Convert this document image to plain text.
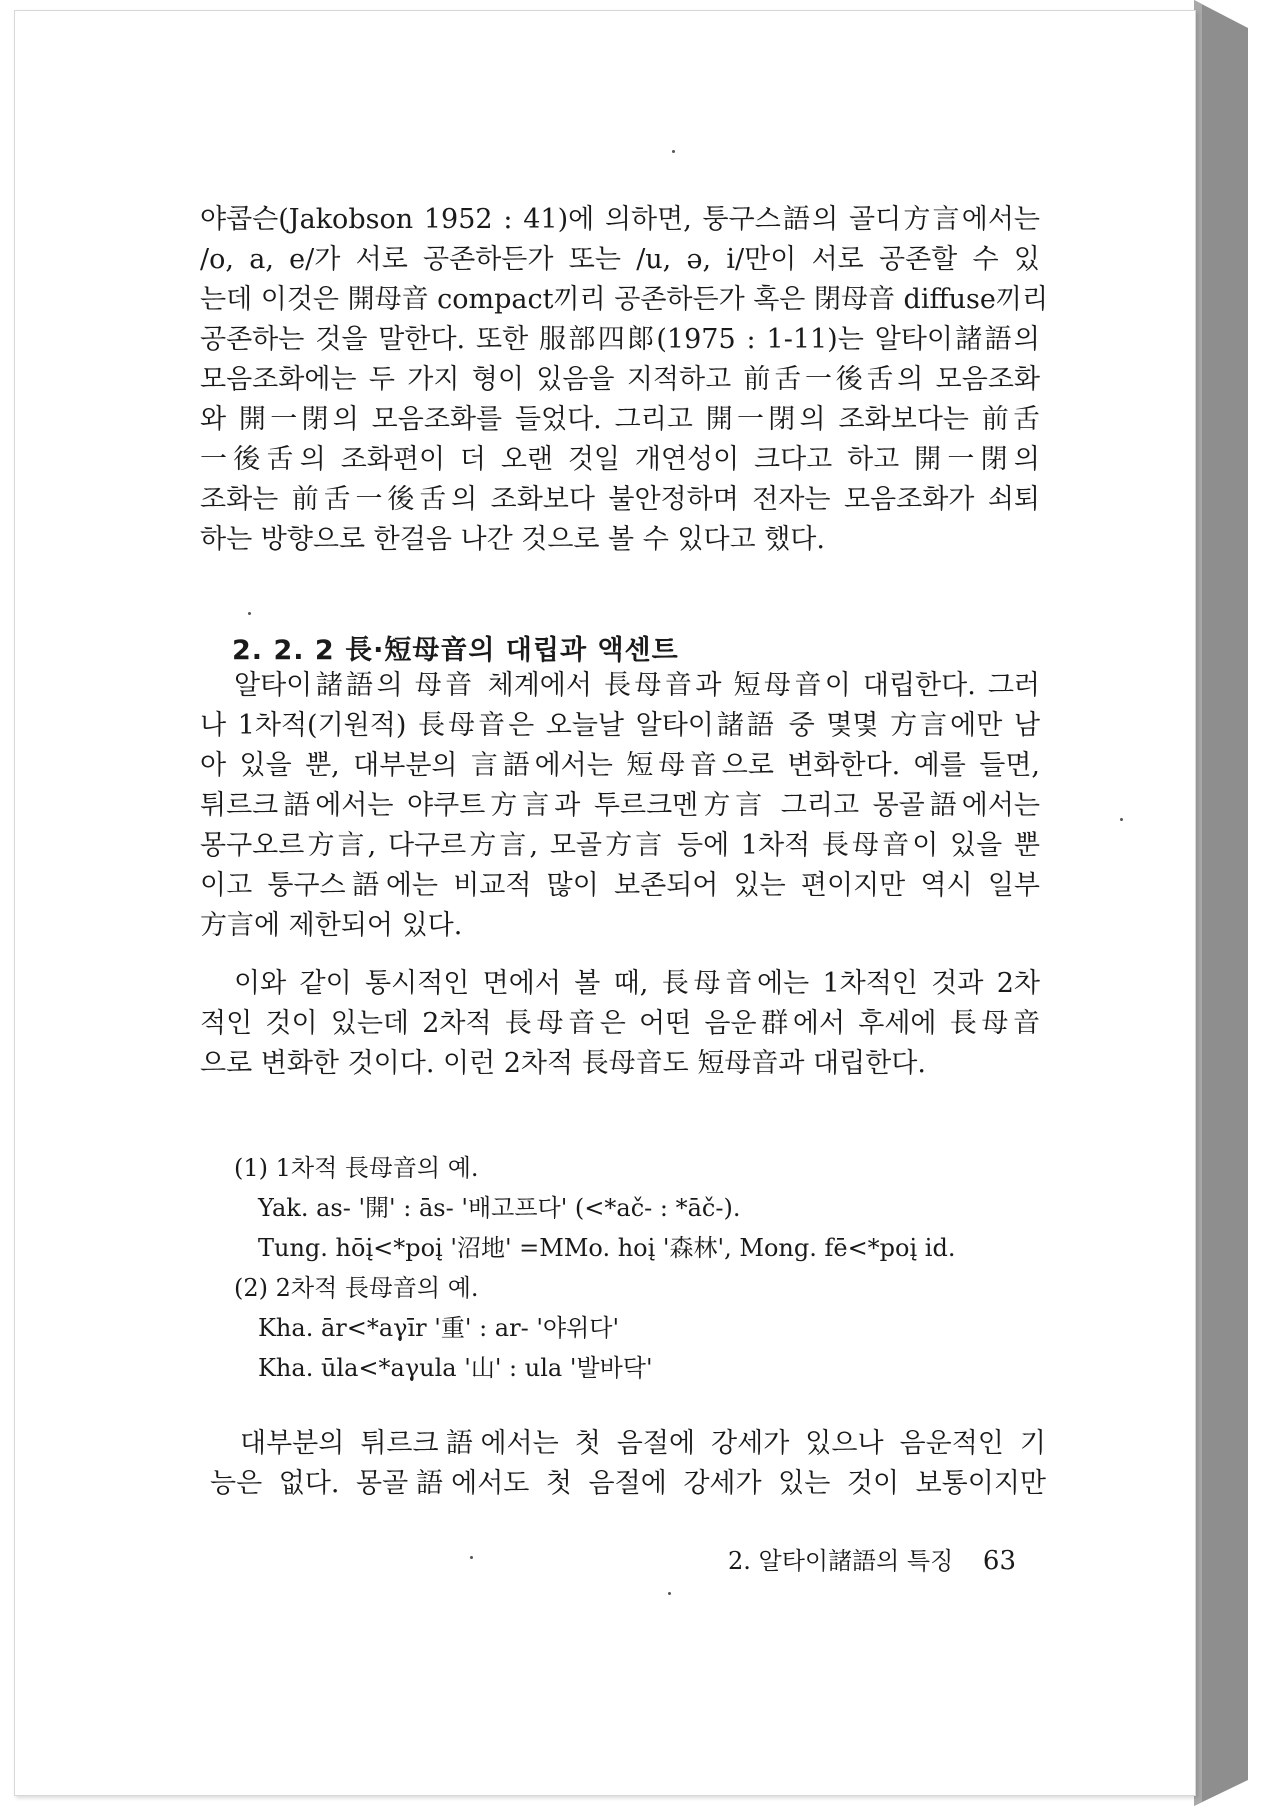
야콥슨(Jakobson 1952 : 41)에 의하면, 퉁구스語의 골디方言에서는
/o, a, e/가 서로 공존하든가 또는 /u, ə, i/만이 서로 공존할 수 있
는데 이것은 開母音 compact끼리 공존하든가 혹은 閉母音 diffuse끼리
공존하는 것을 말한다. 또한 服部四郞(1975 : 1-11)는 알타이諸語의
모음조화에는 두 가지 형이 있음을 지적하고 前舌一後舌의 모음조화
와 開一閉의 모음조화를 들었다. 그리고 開一閉의 조화보다는 前舌
一後舌의 조화편이 더 오랜 것일 개연성이 크다고 하고 開一閉의
조화는 前舌一後舌의 조화보다 불안정하며 전자는 모음조화가 쇠퇴
하는 방향으로 한걸음 나간 것으로 볼 수 있다고 했다.
2. 2. 2 長·短母音의 대립과 액센트
알타이諸語의 母音 체계에서 長母音과 短母音이 대립한다. 그러
나 1차적(기원적) 長母音은 오늘날 알타이諸語 중 몇몇 方言에만 남
아 있을 뿐, 대부분의 言語에서는 短母音으로 변화한다. 예를 들면,
튀르크語에서는 야쿠트方言과 투르크멘方言 그리고 몽골語에서는
몽구오르方言, 다구르方言, 모골方言 등에 1차적 長母音이 있을 뿐
이고 퉁구스語에는 비교적 많이 보존되어 있는 편이지만 역시 일부
方言에 제한되어 있다.
이와 같이 통시적인 면에서 볼 때, 長母音에는 1차적인 것과 2차
적인 것이 있는데 2차적 長母音은 어떤 음운群에서 후세에 長母音
으로 변화한 것이다. 이런 2차적 長母音도 短母音과 대립한다.
(1) 1차적 長母音의 예.
Yak. as- '開' : ās- '배고프다' (<*ač- : *āč-).
Tung. hōį<*poį '沼地' =MMo. hoį '森林', Mong. fē<*poį id.
(2) 2차적 長母音의 예.
Kha. ār<*aγīr '重' : ar- '야위다'
Kha. ūla<*aγula '山' : ula '발바닥'
대부분의 튀르크語에서는 첫 음절에 강세가 있으나 음운적인 기
능은 없다. 몽골語에서도 첫 음절에 강세가 있는 것이 보통이지만
2. 알타이諸語의 특징 63
